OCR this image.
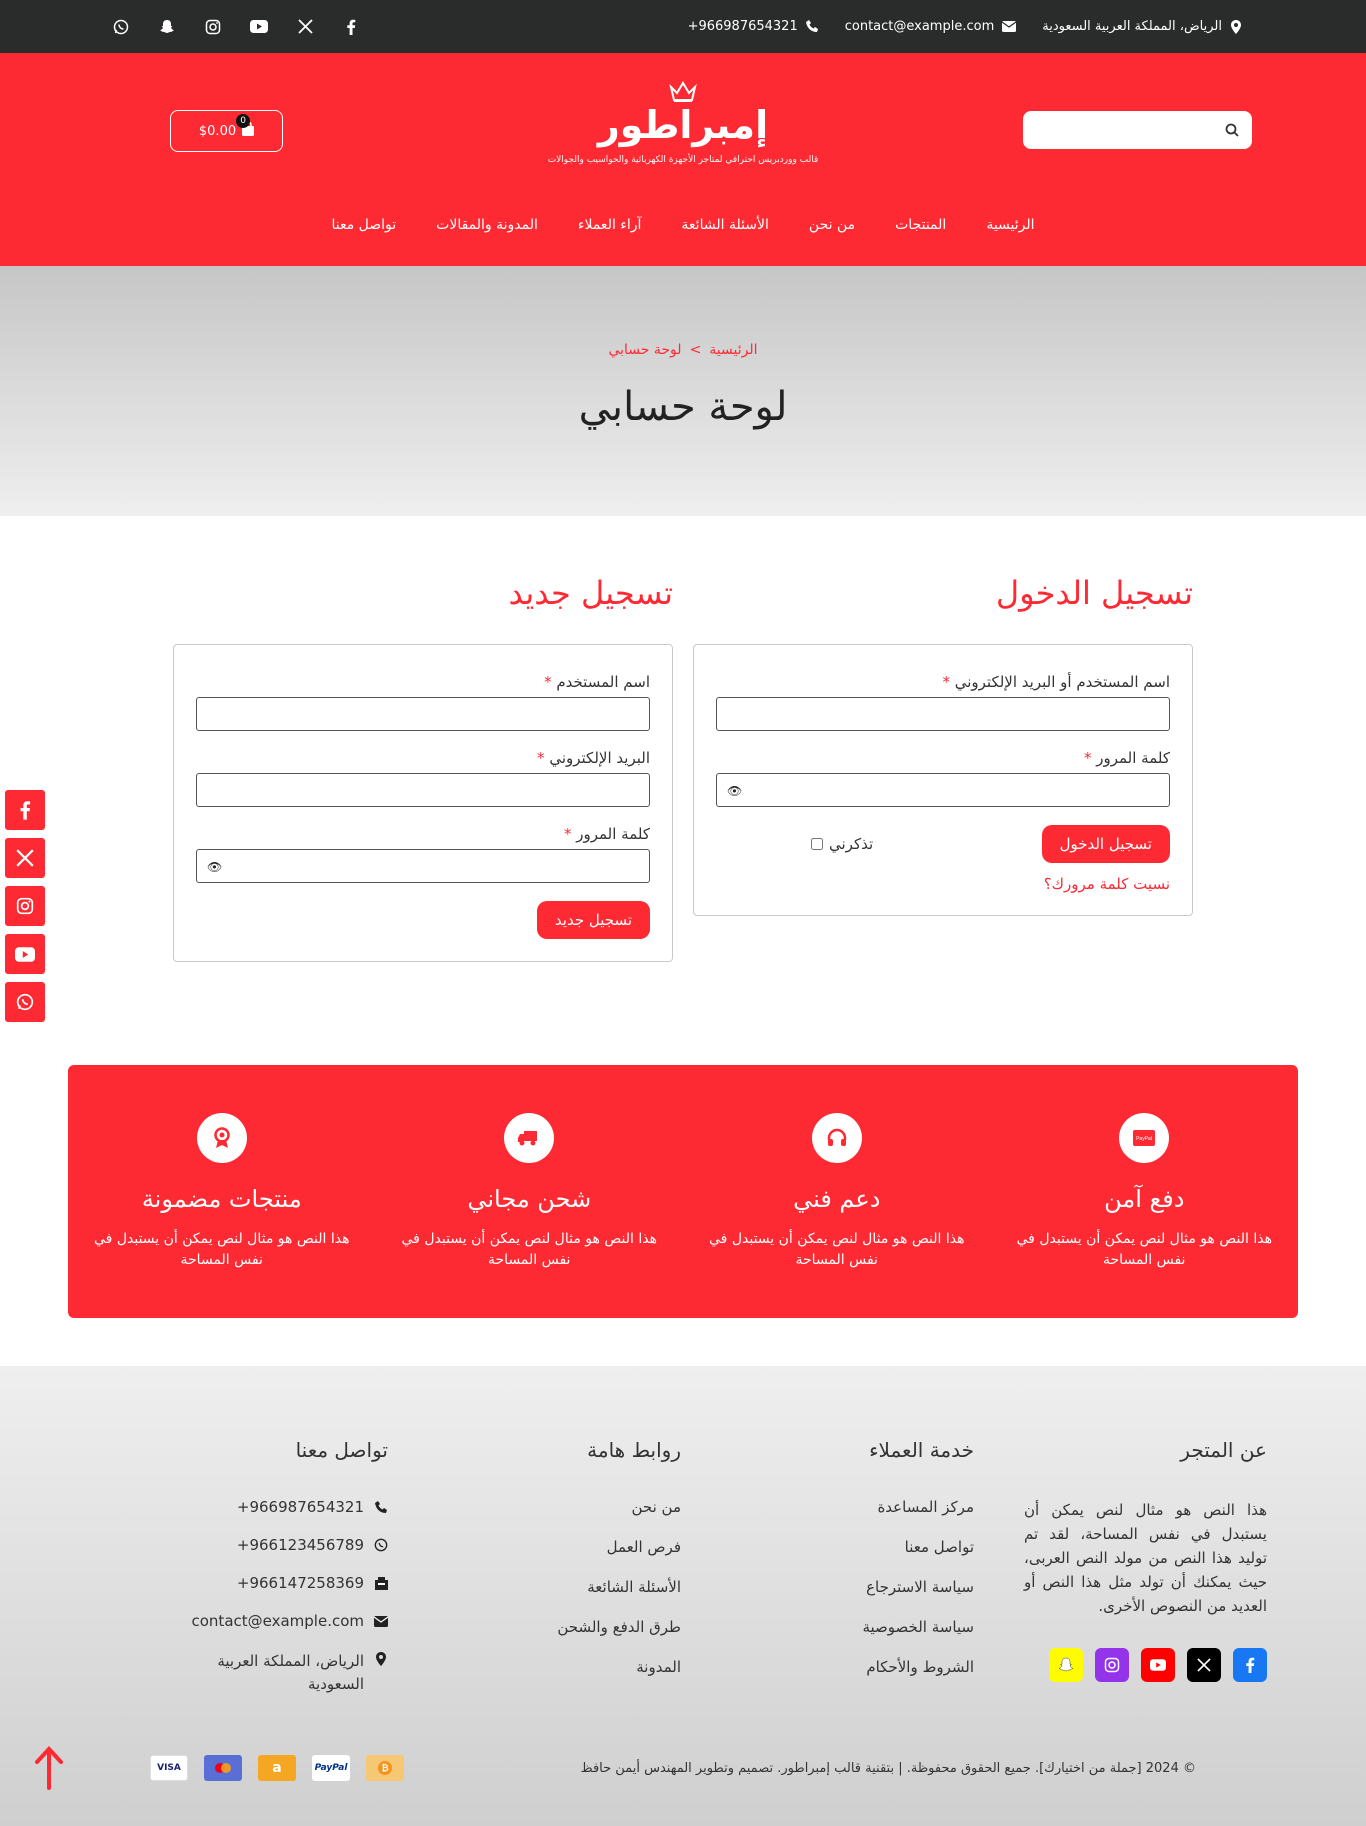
الرياض، المملكة العربية السعودية
contact@example.com
+966987654321
إمبراطور
قالب ووردبريس احترافي لمتاجر الأجهزة الكهربائية والحواسيب والجوالات
0
$0.00
الرئيسية
المنتجات
من نحن
الأسئلة الشائعة
آراء العملاء
المدونة والمقالات
تواصل معنا
الرئيسية
>
لوحة حسابي
لوحة حسابي
تسجيل الدخول
اسم المستخدم أو البريد الإلكتروني *
كلمة المرور *
👁
تسجيل الدخول
تذكرني
نسيت كلمة مرورك؟
تسجيل جديد
اسم المستخدم *
البريد الإلكتروني *
كلمة المرور *
👁
تسجيل جديد
PayPal
دفع آمن

هذا النص هو مثال لنص يمكن أن يستبدل في نفس المساحة

دعم فني

هذا النص هو مثال لنص يمكن أن يستبدل في نفس المساحة

شحن مجاني

هذا النص هو مثال لنص يمكن أن يستبدل في نفس المساحة

منتجات مضمونة

هذا النص هو مثال لنص يمكن أن يستبدل في نفس المساحة

عن المتجر

هذا النص هو مثال لنص يمكن أن يستبدل في نفس المساحة، لقد تم توليد هذا النص من مولد النص العربى، حيث يمكنك أن تولد مثل هذا النص أو العديد من النصوص الأخرى.

خدمة العملاء
مركز المساعدة
تواصل معنا
سياسة الاسترجاع
سياسة الخصوصية
الشروط والأحكام
روابط هامة
من نحن
فرص العمل
الأسئلة الشائعة
طرق الدفع والشحن
المدونة
تواصل معنا
+966987654321
+966123456789
+966147258369
contact@example.com
الرياض، المملكة العربية السعودية
© 2024 [جملة من اختيارك]. جميع الحقوق محفوظة. | بتقنية قالب إمبراطور. تصميم وتطوير المهندس أيمن حافظ
VISA	a	PayPal	₿
